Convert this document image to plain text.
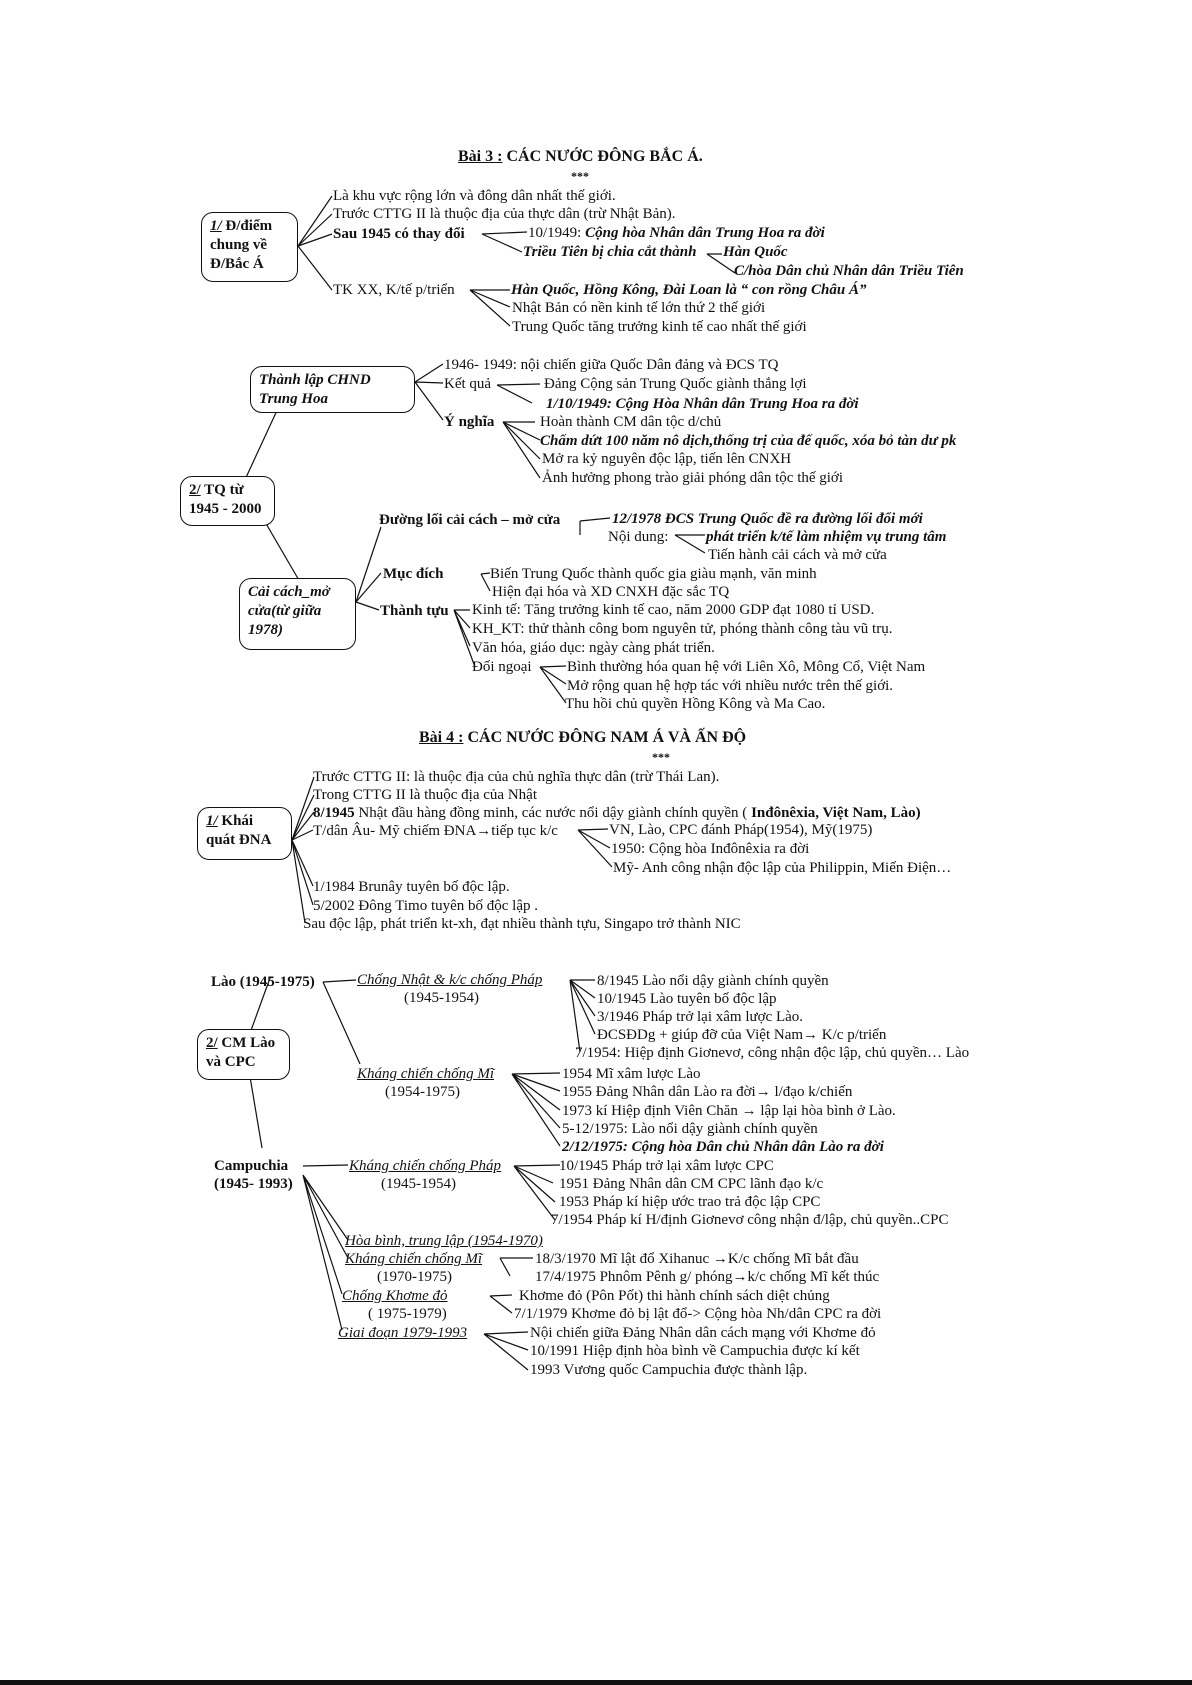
Bài 3 : CÁC NƯỚC ĐÔNG BẮC Á.
***
1/ Đ/điểm
chung về
Đ/Bắc Á
Là khu vực rộng lớn và đông dân nhất thế giới.
Trước CTTG II là thuộc địa của thực dân (trừ Nhật Bản).
Sau 1945 có thay đổi	10/1949: Cộng hòa Nhân dân Trung Hoa ra đời
Triều Tiên bị chia cắt thành Hàn Quốc
C/hòa Dân chủ Nhân dân Triều Tiên
TK XX, K/tế p/triển	Hàn Quốc, Hồng Kông, Đài Loan là “ con rồng Châu Á”
Nhật Bản có nền kinh tế lớn thứ 2 thế giới
Trung Quốc tăng trưởng kinh tế cao nhất thế giới
2/ TQ từ
1945 - 2000
Thành lập CHND
Trung Hoa
1946- 1949: nội chiến giữa Quốc Dân đảng và ĐCS TQ
Kết quả	Đảng Cộng sản Trung Quốc giành thắng lợi
1/10/1949: Cộng Hòa Nhân dân Trung Hoa ra đời
Ý nghĩa	Hoàn thành CM dân tộc d/chủ
Chấm dứt 100 năm nô dịch,thống trị của đế quốc, xóa bỏ tàn dư pk
Mở ra kỷ nguyên độc lập, tiến lên CNXH
Ảnh hưởng phong trào giải phóng dân tộc thế giới
Cải cách_mở
cửa(từ giữa
1978)
Đường lối cải cách – mở cửa	12/1978 ĐCS Trung Quốc đề ra đường lối đổi mới
Nội dung:	phát triển k/tế làm nhiệm vụ trung tâm
Tiến hành cải cách và mở cửa
Mục đích	Biến Trung Quốc thành quốc gia giàu mạnh, văn minh
Hiện đại hóa và XD CNXH đặc sắc TQ
Thành tựu Kinh tế: Tăng trưởng kinh tế cao, năm 2000 GDP đạt 1080 tỉ USD.
KH_KT: thử thành công bom nguyên tử, phóng thành công tàu vũ trụ.
Văn hóa, giáo dục: ngày càng phát triển.
Đối ngoại Bình thường hóa quan hệ với Liên Xô, Mông Cổ, Việt Nam
Mở rộng quan hệ hợp tác với nhiều nước trên thế giới.
Thu hồi chủ quyền Hồng Kông và Ma Cao.
Bài 4 : CÁC NƯỚC ĐÔNG NAM Á VÀ ẤN ĐỘ
***
1/ Khái
quát ĐNA
Trước CTTG II: là thuộc địa của chủ nghĩa thực dân (trừ Thái Lan).
Trong CTTG II là thuộc địa của Nhật
8/1945 Nhật đầu hàng đồng minh, các nước nổi dậy giành chính quyền ( Inđônêxia, Việt Nam, Lào)
T/dân Âu- Mỹ chiếm ĐNA→tiếp tục k/c	VN, Lào, CPC đánh Pháp(1954), Mỹ(1975)
1950: Cộng hòa Inđônêxia ra đời
Mỹ- Anh công nhận độc lập của Philippin, Miến Điện…
1/1984 Brunây tuyên bố độc lập.
5/2002 Đông Timo tuyên bố độc lập .
Sau độc lập, phát triển kt-xh, đạt nhiều thành tựu, Singapo trở thành NIC
2/ CM Lào
và CPC
Lào (1945-1975)	Chống Nhật & k/c chống Pháp
(1945-1954)
8/1945 Lào nổi dậy giành chính quyền
10/1945 Lào tuyên bố độc lập
3/1946 Pháp trở lại xâm lược Lào.
ĐCSĐDg + giúp đỡ của Việt Nam→ K/c p/triển
7/1954: Hiệp định Giơnevơ, công nhận độc lập, chủ quyền… Lào
Kháng chiến chống Mĩ
(1954-1975)
1954 Mĩ xâm lược Lào
1955 Đảng Nhân dân Lào ra đời→ l/đạo k/chiến
1973 kí Hiệp định Viên Chăn → lập lại hòa bình ở Lào.
5-12/1975: Lào nổi dậy giành chính quyền
2/12/1975: Cộng hòa Dân chủ Nhân dân Lào ra đời
Campuchia
(1945- 1993)
Kháng chiến chống Pháp
(1945-1954)
10/1945 Pháp trở lại xâm lược CPC
1951 Đảng Nhân dân CM CPC lãnh đạo k/c
1953 Pháp kí hiệp ước trao trả độc lập CPC
7/1954 Pháp kí H/định Giơnevơ công nhận đ/lập, chủ quyền..CPC
Hòa bình, trung lập (1954-1970)
Kháng chiến chống Mĩ
(1970-1975)
18/3/1970 Mĩ lật đổ Xihanuc →K/c chống Mĩ bắt đầu
17/4/1975 Phnôm Pênh g/ phóng→k/c chống Mĩ kết thúc
Chống Khơme đỏ
( 1975-1979)
Khơme đỏ (Pôn Pốt) thi hành chính sách diệt chủng
7/1/1979 Khơme đỏ bị lật đổ-> Cộng hòa Nh/dân CPC ra đời
Giai đoạn 1979-1993	Nội chiến giữa Đảng Nhân dân cách mạng với Khơme đỏ
10/1991 Hiệp định hòa bình về Campuchia được kí kết
1993 Vương quốc Campuchia được thành lập.
